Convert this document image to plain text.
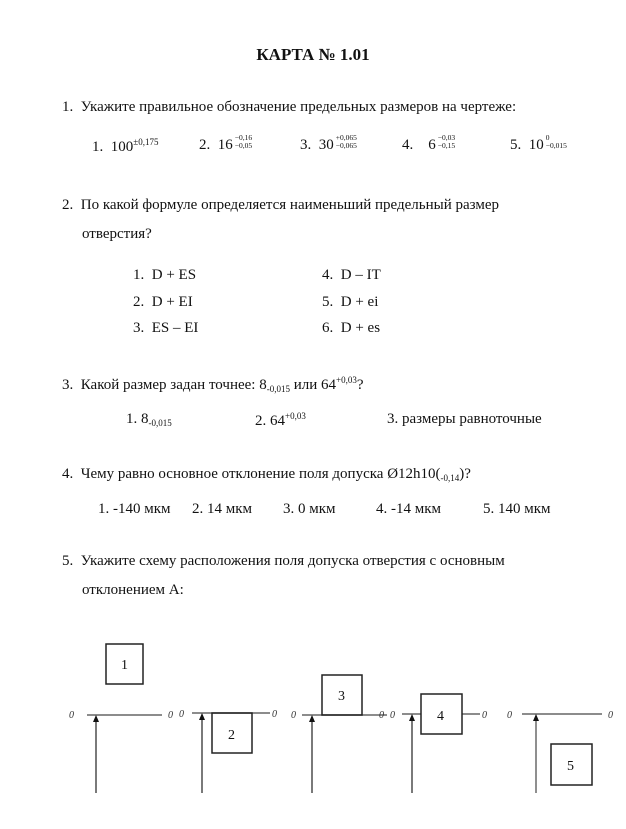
КАРТА № 1.01
1. Укажите правильное обозначение предельных размеров на чертеже:
1. $100^{\pm 0,175}$	2. 16 −0,16
−0,05	3. 30 +0,065
−0,065	4. 6 −0,03
−0,15	5. 10 0
−0,015
2. По какой формуле определяется наименьший предельный размер
отверстия?
1. D + ES
2. D + EI
3. ES – EI
4. D – IT
5. D + ei
6. D + es
3. Какой размер задан точнее: $8_{-0,015}$ или $64^{+0,03}$?
1. $8_{-0,015}$	2. $64^{+0,03}$	3. размеры равноточные
4. Чему равно основное отклонение поля допуска $Ø12h10(_{-0,14})$?
1. -140 мкм 2. 14 мкм 3. 0 мкм	4. -14 мкм	5. 140 мкм
5. Укажите схему расположения поля допуска отверстия с основным
отклонением А:
0	0
1
0	0
2
0	0
3
0	0
4	0	0
5
